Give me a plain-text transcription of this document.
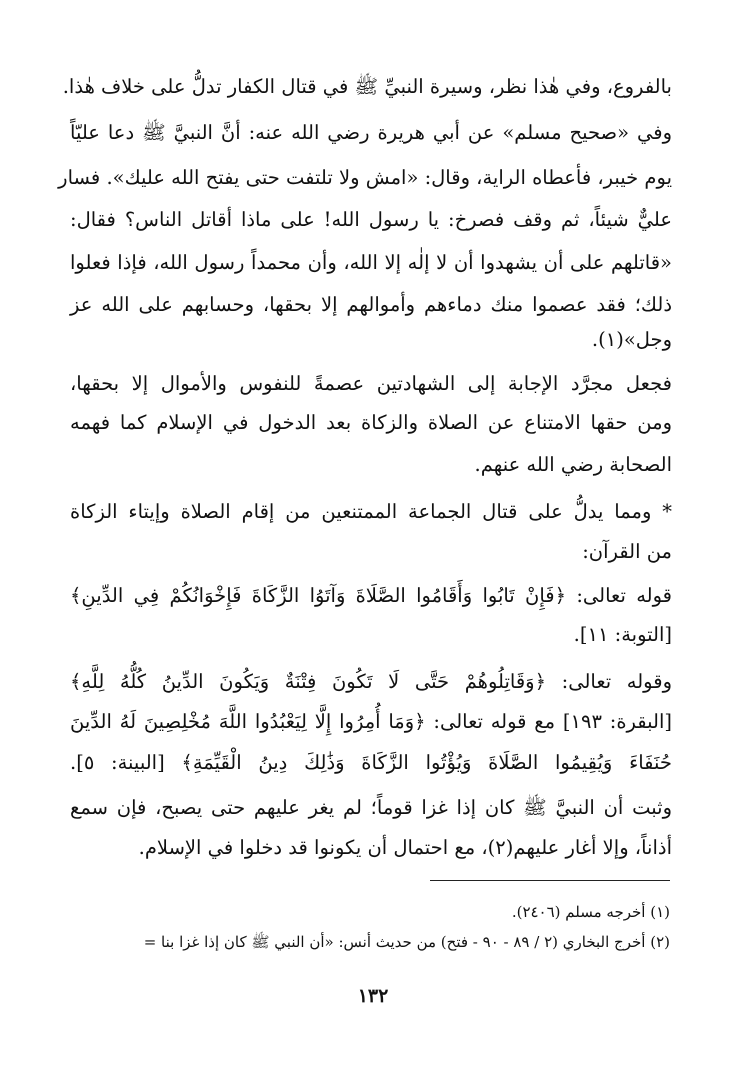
بالفروع، وفي هٰذا نظر، وسيرة النبيِّ ﷺ في قتال الكفار تدلُّ على خلاف هٰذا.
وفي «صحيح مسلم» عن أبي هريرة رضي الله عنه: أنَّ النبيَّ ﷺ دعا عليّاً
يوم خيبر، فأعطاه الراية، وقال: «امش ولا تلتفت حتى يفتح الله عليك». فسار
عليٌّ شيئاً، ثم وقف فصرخ: يا رسول الله! على ماذا أقاتل الناس؟ فقال:
«قاتلهم على أن يشهدوا أن لا إلٰه إلا الله، وأن محمداً رسول الله، فإذا فعلوا
ذلك؛ فقد عصموا منك دماءهم وأموالهم إلا بحقها، وحسابهم على الله عز
وجل»(١).
فجعل مجرَّد الإجابة إلى الشهادتين عصمةً للنفوس والأموال إلا بحقها،
ومن حقها الامتناع عن الصلاة والزكاة بعد الدخول في الإسلام كما فهمه
الصحابة رضي الله عنهم.
* ومما يدلُّ على قتال الجماعة الممتنعين من إقام الصلاة وإيتاء الزكاة
من القرآن:
قوله تعالى: ﴿فَإِنْ تَابُوا وَأَقَامُوا الصَّلَاةَ وَآتَوُا الزَّكَاةَ فَإِخْوَانُكُمْ فِي الدِّينِ﴾
[التوبة: ١١].
وقوله تعالى: ﴿وَقَاتِلُوهُمْ حَتَّى لَا تَكُونَ فِتْنَةٌ وَيَكُونَ الدِّينُ كُلُّهُ لِلَّهِ﴾
[البقرة: ١٩٣] مع قوله تعالى: ﴿وَمَا أُمِرُوا إِلَّا لِيَعْبُدُوا اللَّهَ مُخْلِصِينَ لَهُ الدِّينَ
حُنَفَاءَ وَيُقِيمُوا الصَّلَاةَ وَيُؤْتُوا الزَّكَاةَ وَذَٰلِكَ دِينُ الْقَيِّمَةِ﴾ [البينة: ٥].
وثبت أن النبيَّ ﷺ كان إذا غزا قوماً؛ لم يغر عليهم حتى يصبح، فإن سمع
أذاناً، وإلا أغار عليهم(٢)، مع احتمال أن يكونوا قد دخلوا في الإسلام.
(١) أخرجه مسلم (٢٤٠٦).
(٢) أخرج البخاري (٢ / ٨٩ - ٩٠ - فتح) من حديث أنس: «أن النبي ﷺ كان إذا غزا بنا =
١٣٢
